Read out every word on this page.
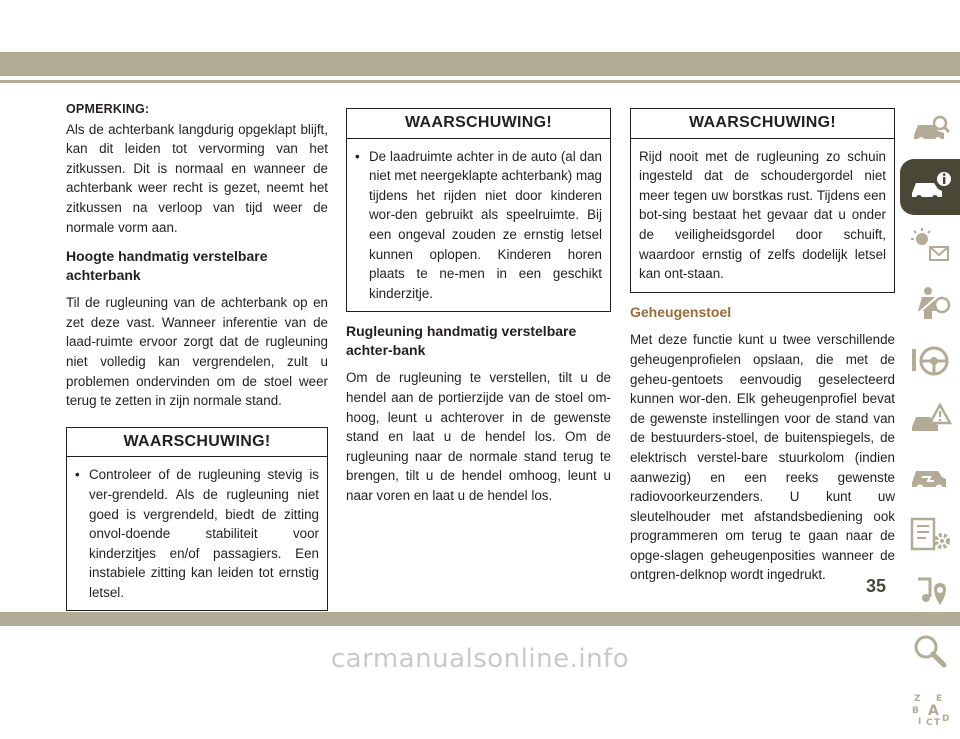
OPMERKING:

Als de achterbank langdurig opgeklapt blijft, kan dit leiden tot vervorming van het zitkussen. Dit is normaal en wanneer de achterbank weer recht is gezet, neemt het zitkussen na verloop van tijd weer de normale vorm aan.

Hoogte handmatig verstelbare achterbank

Til de rugleuning van de achterbank op en zet deze vast. Wanneer inferentie van de laad-ruimte ervoor zorgt dat de rugleuning niet volledig kan vergrendelen, zult u problemen ondervinden om de stoel weer terug te zetten in zijn normale stand.

WAARSCHUWING!
• Controleer of de rugleuning stevig is ver-grendeld. Als de rugleuning niet goed is vergrendeld, biedt de zitting onvol-doende stabiliteit voor kinderzitjes en/of passagiers. Een instabiele zitting kan leiden tot ernstig letsel.
WAARSCHUWING!
• De laadruimte achter in de auto (al dan niet met neergeklapte achterbank) mag tijdens het rijden niet door kinderen wor-den gebruikt als speelruimte. Bij een ongeval zouden ze ernstig letsel kunnen oplopen. Kinderen horen plaats te ne-men in een geschikt kinderzitje.
Rugleuning handmatig verstelbare achter-bank

Om de rugleuning te verstellen, tilt u de hendel aan de portierzijde van de stoel om-hoog, leunt u achterover in de gewenste stand en laat u de hendel los. Om de rugleuning naar de normale stand terug te brengen, tilt u de hendel omhoog, leunt u naar voren en laat u de hendel los.

WAARSCHUWING!

Rijd nooit met de rugleuning zo schuin ingesteld dat de schoudergordel niet meer tegen uw borstkas rust. Tijdens een bot-sing bestaat het gevaar dat u onder de veiligheidsgordel door schuift, waardoor ernstig of zelfs dodelijk letsel kan ont-staan.

Geheugenstoel

Met deze functie kunt u twee verschillende geheugenprofielen opslaan, die met de geheu-gentoets eenvoudig geselecteerd kunnen wor-den. Elk geheugenprofiel bevat de gewenste instellingen voor de stand van de bestuurders-stoel, de buitenspiegels, de elektrisch verstel-bare stuurkolom (indien aanwezig) en een reeks gewenste radiovoorkeurzenders. U kunt uw sleutelhouder met afstandsbediening ook programmeren om terug te gaan naar de opge-slagen geheugenposities wanneer de ontgren-delknop wordt ingedrukt.

Z E
B A
I C T D
35
carmanualsonline.info
